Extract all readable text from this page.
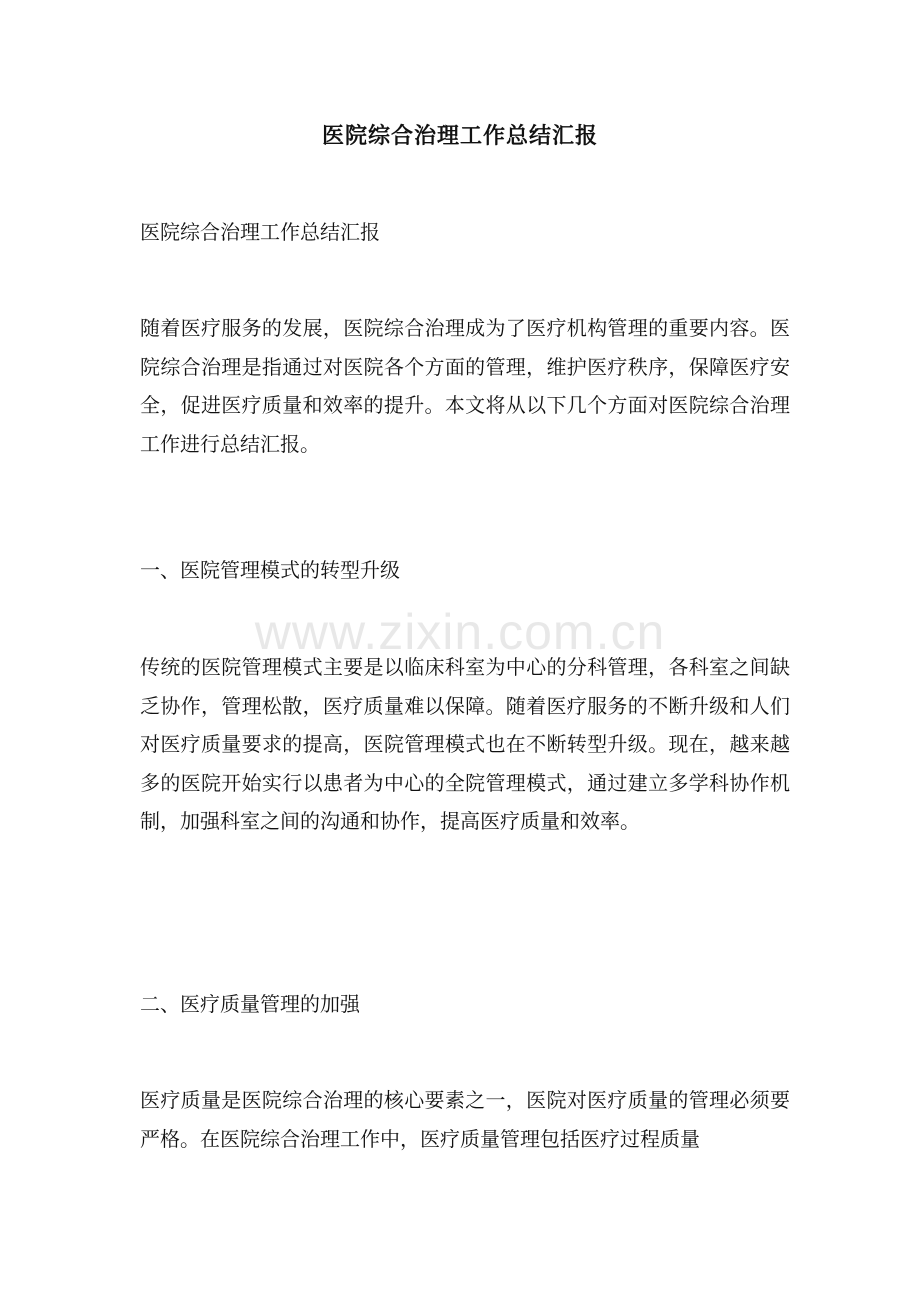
医院综合治理工作总结汇报

医院综合治理工作总结汇报

随着医疗服务的发展，医院综合治理成为了医疗机构管理的重要内容。医院综合治理是指通过对医院各个方面的管理，维护医疗秩序，保障医疗安全，促进医疗质量和效率的提升。本文将从以下几个方面对医院综合治理工作进行总结汇报。

一、医院管理模式的转型升级

www.zixin.com.cn

传统的医院管理模式主要是以临床科室为中心的分科管理，各科室之间缺乏协作，管理松散，医疗质量难以保障。随着医疗服务的不断升级和人们对医疗质量要求的提高，医院管理模式也在不断转型升级。现在，越来越多的医院开始实行以患者为中心的全院管理模式，通过建立多学科协作机制，加强科室之间的沟通和协作，提高医疗质量和效率。

二、医疗质量管理的加强

医疗质量是医院综合治理的核心要素之一，医院对医疗质量的管理必须要严格。在医院综合治理工作中，医疗质量管理包括医疗过程质量
